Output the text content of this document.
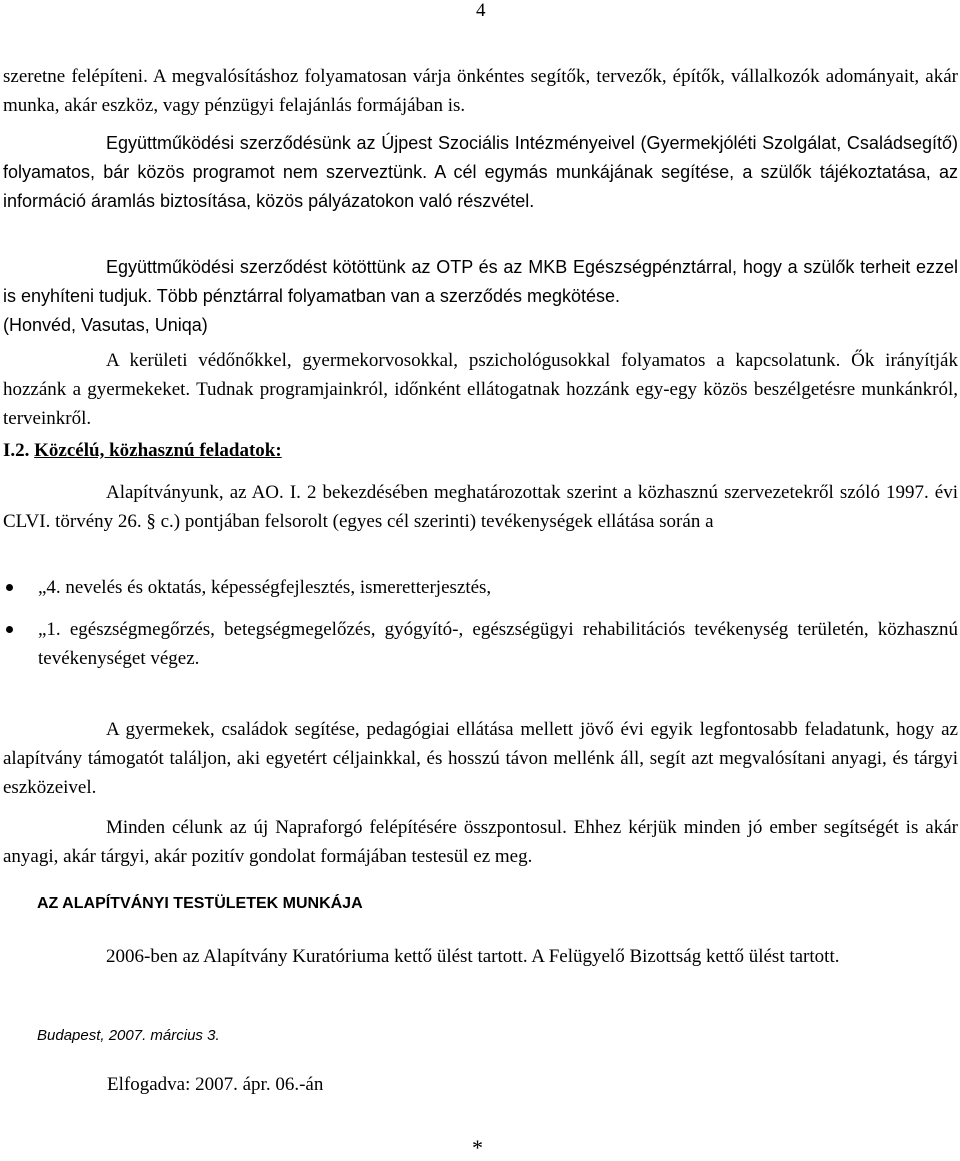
4

szeretne felépíteni. A megvalósításhoz folyamatosan várja önkéntes segítők, tervezők, építők, vállalkozók adományait, akár munka, akár eszköz, vagy pénzügyi felajánlás formájában is.

Együttműködési szerződésünk az Újpest Szociális Intézményeivel (Gyermekjóléti Szolgálat, Családsegítő) folyamatos, bár közös programot nem szerveztünk. A cél egymás munkájának segítése, a szülők tájékoztatása, az információ áramlás biztosítása, közös pályázatokon való részvétel.

Együttműködési szerződést kötöttünk az OTP és az MKB Egészségpénztárral, hogy a szülők terheit ezzel is enyhíteni tudjuk. Több pénztárral folyamatban van a szerződés megkötése.

(Honvéd, Vasutas, Uniqa)

A kerületi védőnőkkel, gyermekorvosokkal, pszichológusokkal folyamatos a kapcsolatunk. Ők irányítják hozzánk a gyermekeket. Tudnak programjainkról, időnként ellátogatnak hozzánk egy-egy közös beszélgetésre munkánkról, terveinkről.

I.2. Közcélú, közhasznú feladatok:

Alapítványunk, az AO. I. 2 bekezdésében meghatározottak szerint a közhasznú szervezetekről szóló 1997. évi CLVI. törvény 26. § c.) pontjában felsorolt (egyes cél szerinti) tevékenységek ellátása során a

„4. nevelés és oktatás, képességfejlesztés, ismeretterjesztés,
„1. egészségmegőrzés, betegségmegelőzés, gyógyító-, egészségügyi rehabilitációs tevékenység területén, közhasznú tevékenységet végez.

A gyermekek, családok segítése, pedagógiai ellátása mellett jövő évi egyik legfontosabb feladatunk, hogy az alapítvány támogatót találjon, aki egyetért céljainkkal, és hosszú távon mellénk áll, segít azt megvalósítani anyagi, és tárgyi eszközeivel.

Minden célunk az új Napraforgó felépítésére összpontosul. Ehhez kérjük minden jó ember segítségét is akár anyagi, akár tárgyi, akár pozitív gondolat formájában testesül ez meg.

AZ ALAPÍTVÁNYI TESTÜLETEK MUNKÁJA

2006-ben az Alapítvány Kuratóriuma kettő ülést tartott. A Felügyelő Bizottság kettő ülést tartott.

Budapest, 2007. március 3.
Elfogadva: 2007. ápr. 06.-án
*
